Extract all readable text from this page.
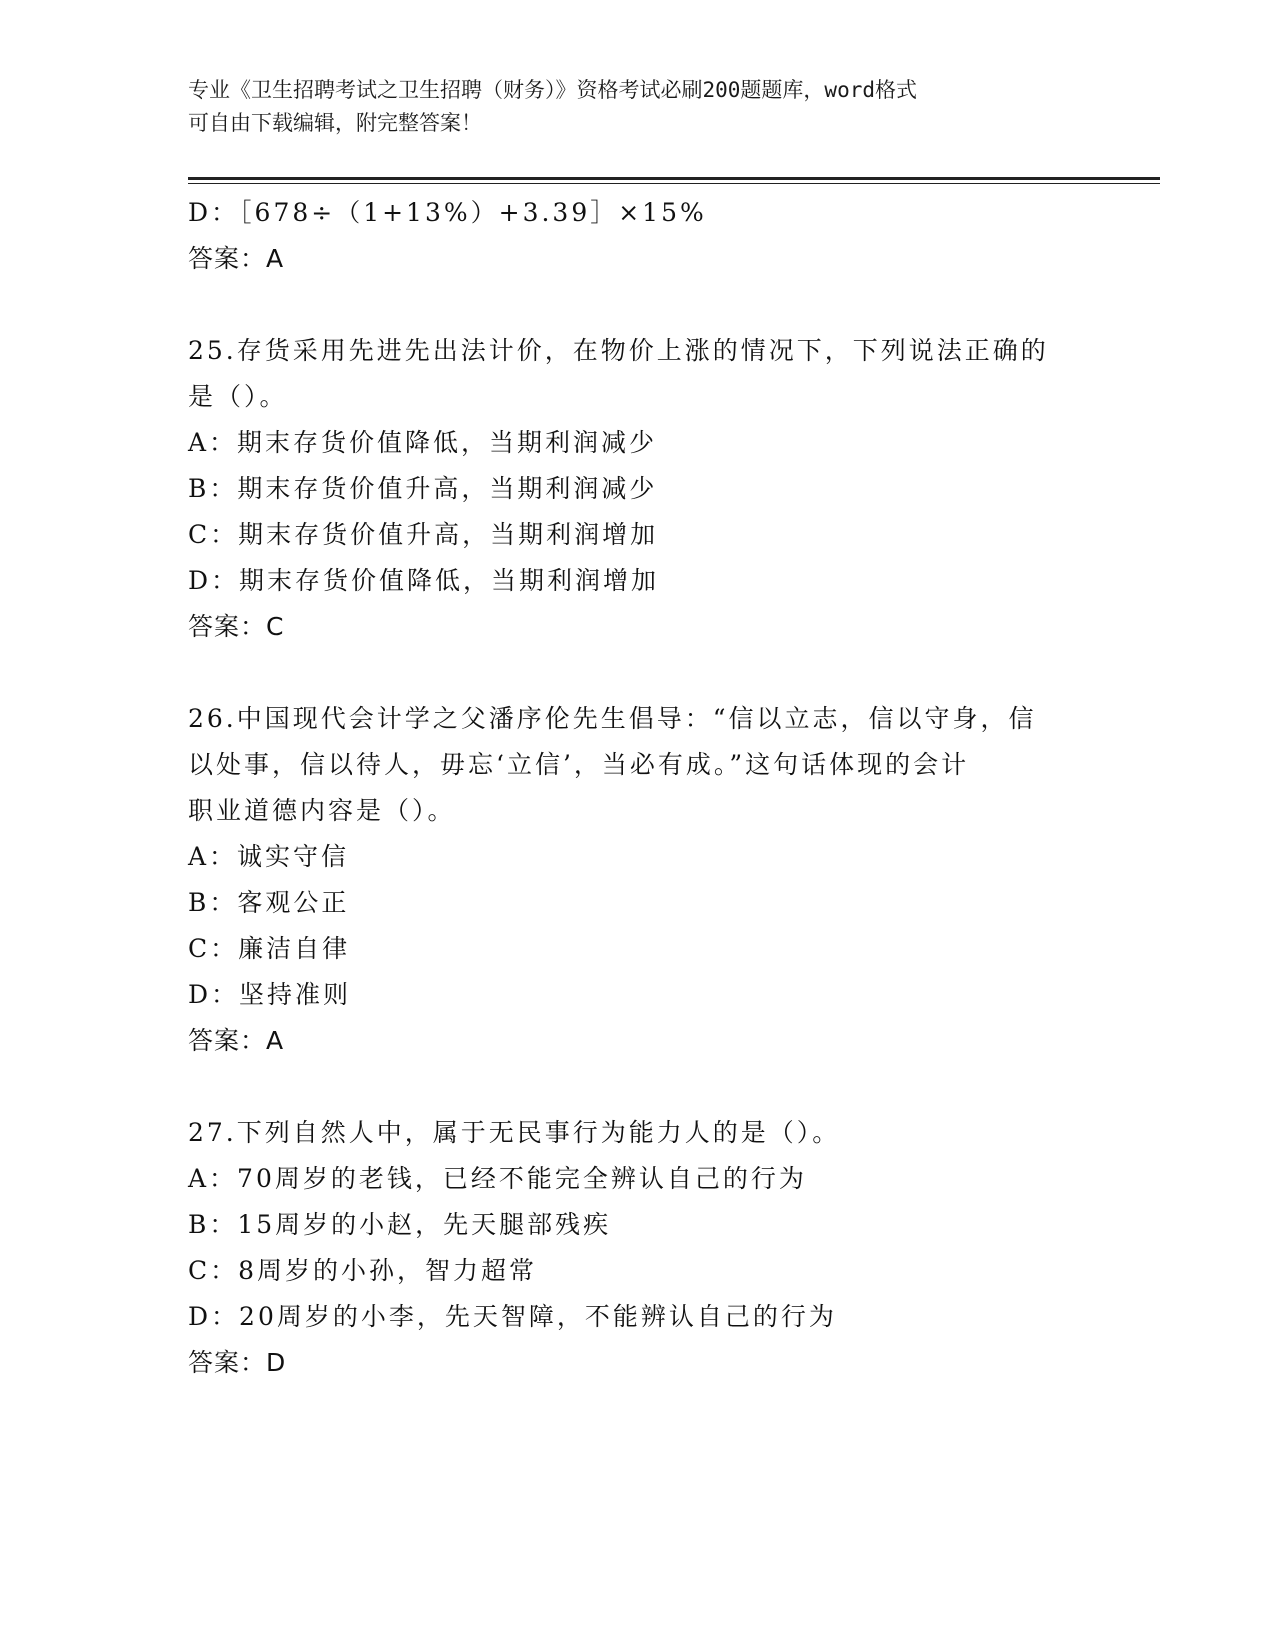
专业《卫生招聘考试之卫生招聘（财务）》资格考试必刷200题题库，word格式
可自由下载编辑，附完整答案！
D：［678÷（1+13%）+3.39］×15%
答案：A
25.存货采用先进先出法计价，在物价上涨的情况下，下列说法正确的
是（）。
A：期末存货价值降低，当期利润减少
B：期末存货价值升高，当期利润减少
C：期末存货价值升高，当期利润增加
D：期末存货价值降低，当期利润增加
答案：C
26.中国现代会计学之父潘序伦先生倡导：“信以立志，信以守身，信
以处事，信以待人，毋忘‘立信’，当必有成。”这句话体现的会计
职业道德内容是（）。
A：诚实守信
B：客观公正
C：廉洁自律
D：坚持准则
答案：A
27.下列自然人中，属于无民事行为能力人的是（）。
A：70周岁的老钱，已经不能完全辨认自己的行为
B：15周岁的小赵，先天腿部残疾
C：8周岁的小孙，智力超常
D：20周岁的小李，先天智障，不能辨认自己的行为
答案：D
